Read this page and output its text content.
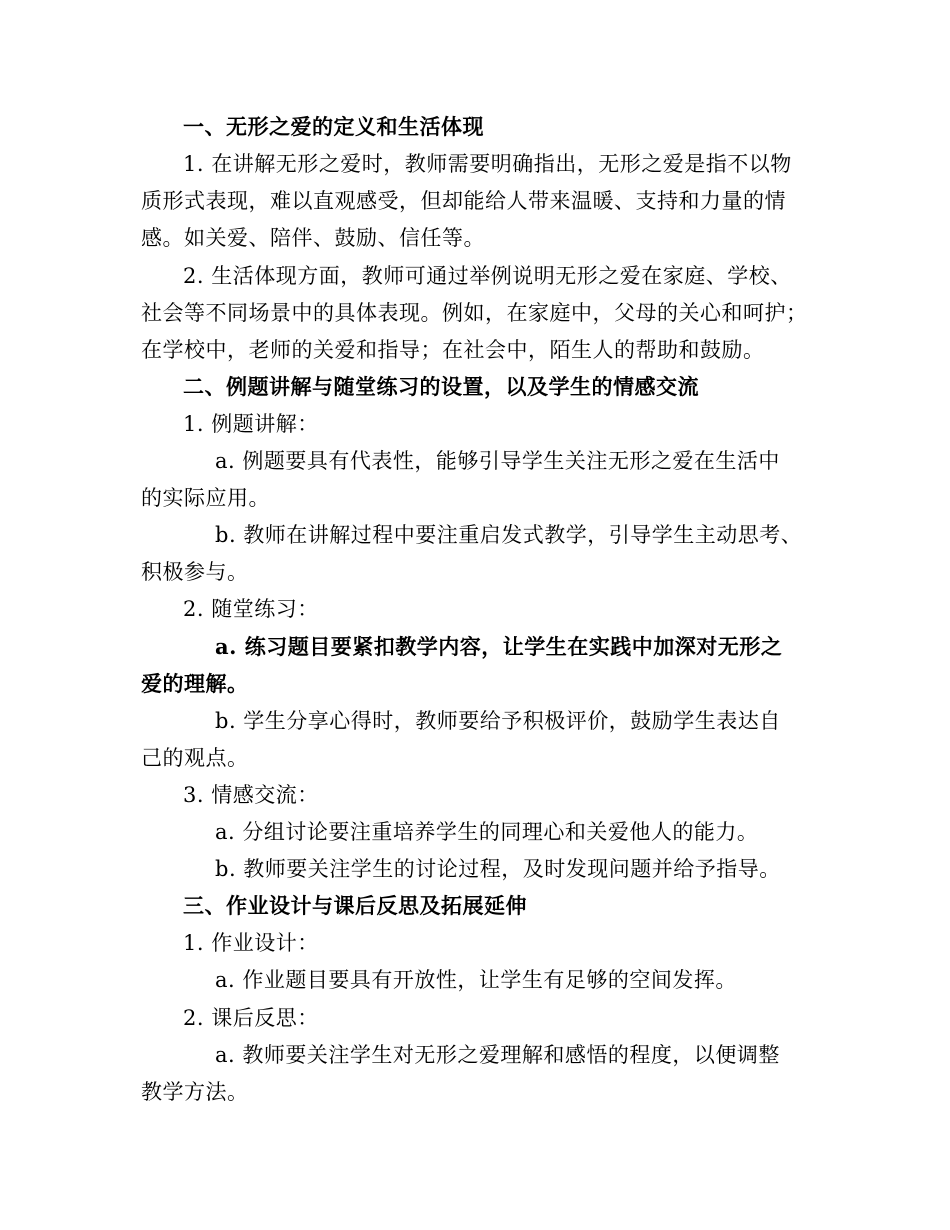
一、无形之爱的定义和生活体现
1. 在讲解无形之爱时，教师需要明确指出，无形之爱是指不以物
质形式表现，难以直观感受，但却能给人带来温暖、支持和力量的情
感。如关爱、陪伴、鼓励、信任等。
2. 生活体现方面，教师可通过举例说明无形之爱在家庭、学校、
社会等不同场景中的具体表现。例如，在家庭中，父母的关心和呵护；
在学校中，老师的关爱和指导；在社会中，陌生人的帮助和鼓励。
二、例题讲解与随堂练习的设置，以及学生的情感交流
1. 例题讲解：
a. 例题要具有代表性，能够引导学生关注无形之爱在生活中
的实际应用。
b. 教师在讲解过程中要注重启发式教学，引导学生主动思考、
积极参与。
2. 随堂练习：
a. 练习题目要紧扣教学内容，让学生在实践中加深对无形之
爱的理解。
b. 学生分享心得时，教师要给予积极评价，鼓励学生表达自
己的观点。
3. 情感交流：
a. 分组讨论要注重培养学生的同理心和关爱他人的能力。
b. 教师要关注学生的讨论过程，及时发现问题并给予指导。
三、作业设计与课后反思及拓展延伸
1. 作业设计：
a. 作业题目要具有开放性，让学生有足够的空间发挥。
2. 课后反思：
a. 教师要关注学生对无形之爱理解和感悟的程度，以便调整
教学方法。
